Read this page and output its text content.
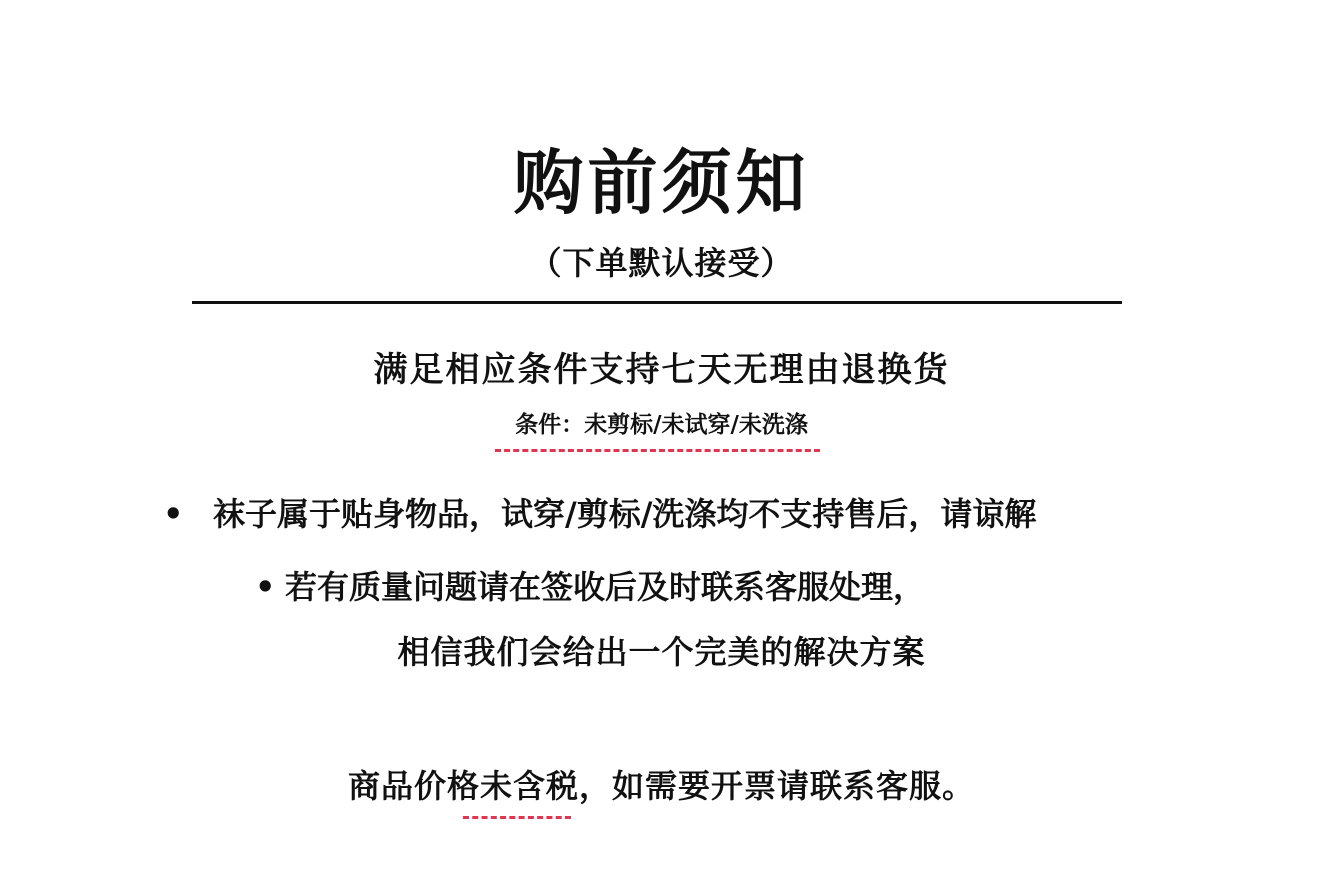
购前须知
（下单默认接受）
满足相应条件支持七天无理由退换货
条件：未剪标/未试穿/未洗涤
• 袜子属于贴身物品，试穿/剪标/洗涤均不支持售后，请谅解
• 若有质量问题请在签收后及时联系客服处理，
相信我们会给出一个完美的解决方案
商品价格未含税，如需要开票请联系客服。
